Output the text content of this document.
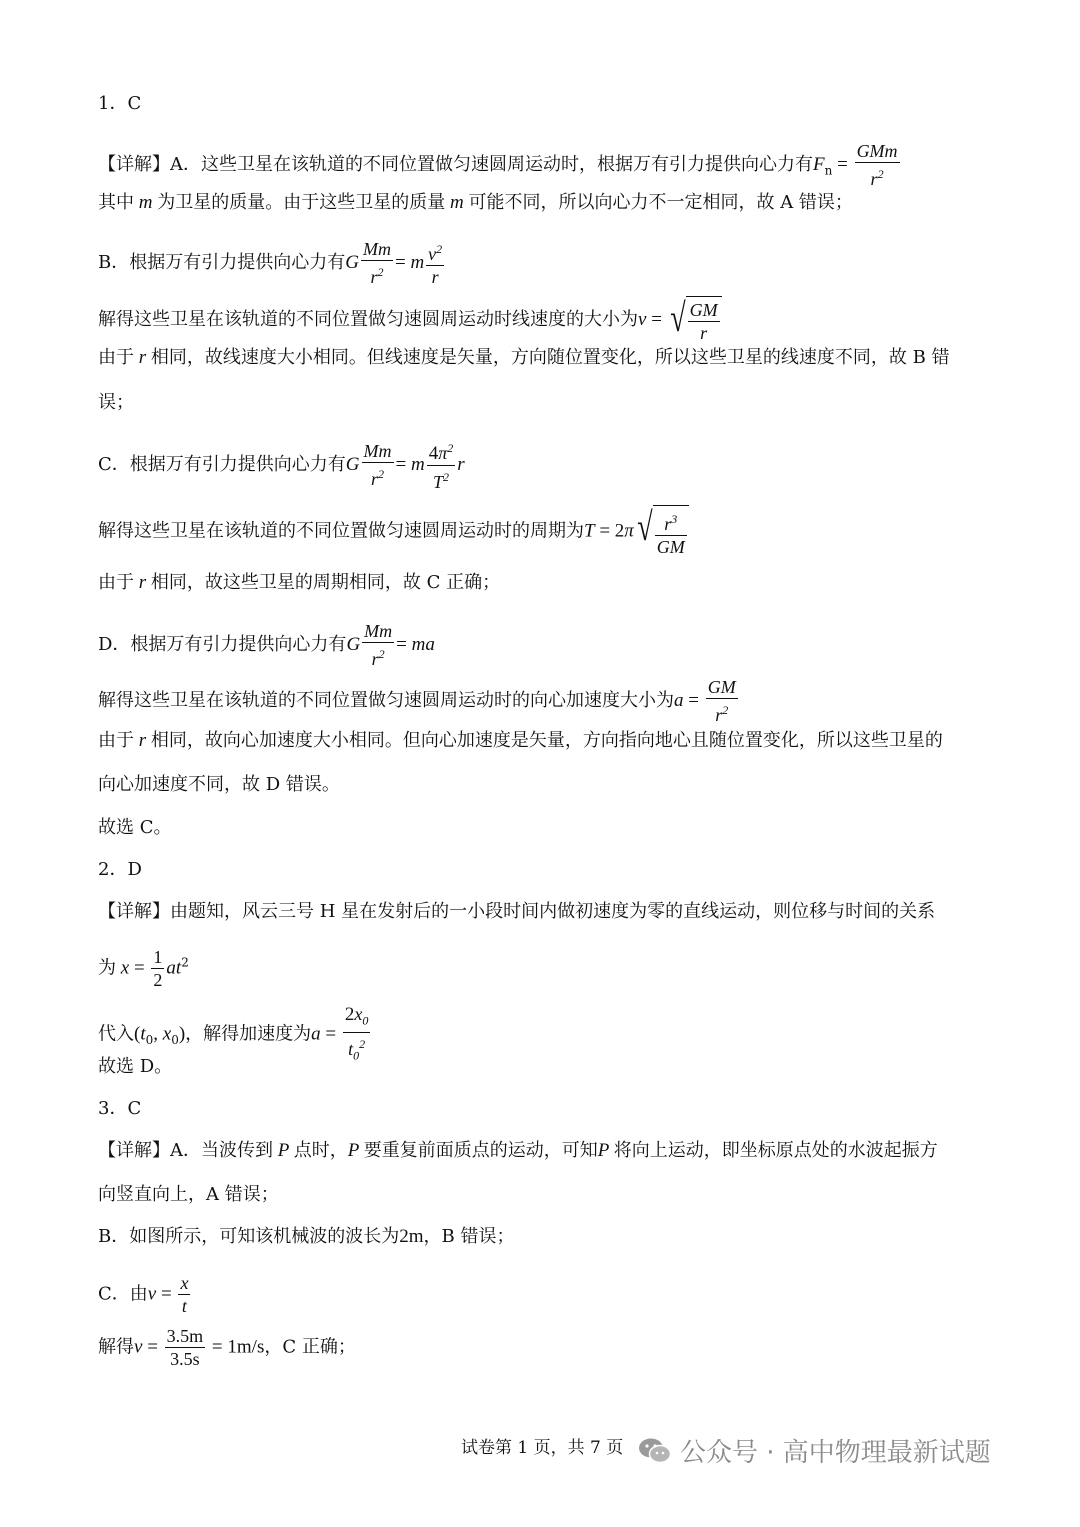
1．C
【详解】A．这些卫星在该轨道的不同位置做匀速圆周运动时，根据万有引力提供向心力有$F_n = \frac{\text{GMm}}{r^2}$
其中 m 为卫星的质量。由于这些卫星的质量 m 可能不同，所以向心力不一定相同，故 A 错误；
B．根据万有引力提供向心力有G $\frac{Mm}{r^2} = m \frac{v^2}{r}$
解得这些卫星在该轨道的不同位置做匀速圆周运动时线速度的大小为v = √ $\frac{GM}{r}$
由于 r 相同，故线速度大小相同。但线速度是矢量，方向随位置变化，所以这些卫星的线速度不同，故 B 错
误；
C．根据万有引力提供向心力有G $\frac{Mm}{r^2} = m \frac{4\pi^2}{T^2}$ r
解得这些卫星在该轨道的不同位置做匀速圆周运动时的周期为T = 2π √ $\frac{r^3}{GM}$
由于 r 相同，故这些卫星的周期相同，故 C 正确；
D．根据万有引力提供向心力有G $\frac{Mm}{r^2}$ = ma
解得这些卫星在该轨道的不同位置做匀速圆周运动时的向心加速度大小为$a = \frac{GM}{r^2}$
由于 r 相同，故向心加速度大小相同。但向心加速度是矢量，方向指向地心且随位置变化，所以这些卫星的
向心加速度不同，故 D 错误。
故选 C。
2．D
【详解】由题知，风云三号 H 星在发射后的一小段时间内做初速度为零的直线运动，则位移与时间的关系
为 $x = \frac{1}{2} at^2$
代入($t_0$, $x_0$)，解得加速度为$a = \frac{2x_0}{t_0^2}$
故选 D。
3．C
【详解】A．当波传到 P 点时，P 要重复前面质点的运动，可知P 将向上运动，即坐标原点处的水波起振方
向竖直向上，A 错误；
B．如图所示，可知该机械波的波长为2m，B 错误；
C．由$v = \frac{x}{t}$
解得$v = \frac{3.5m}{3.5s} = 1m/s$，C 正确；
试卷第 1 页，共 7 页 公众号 · 高中物理最新试题
